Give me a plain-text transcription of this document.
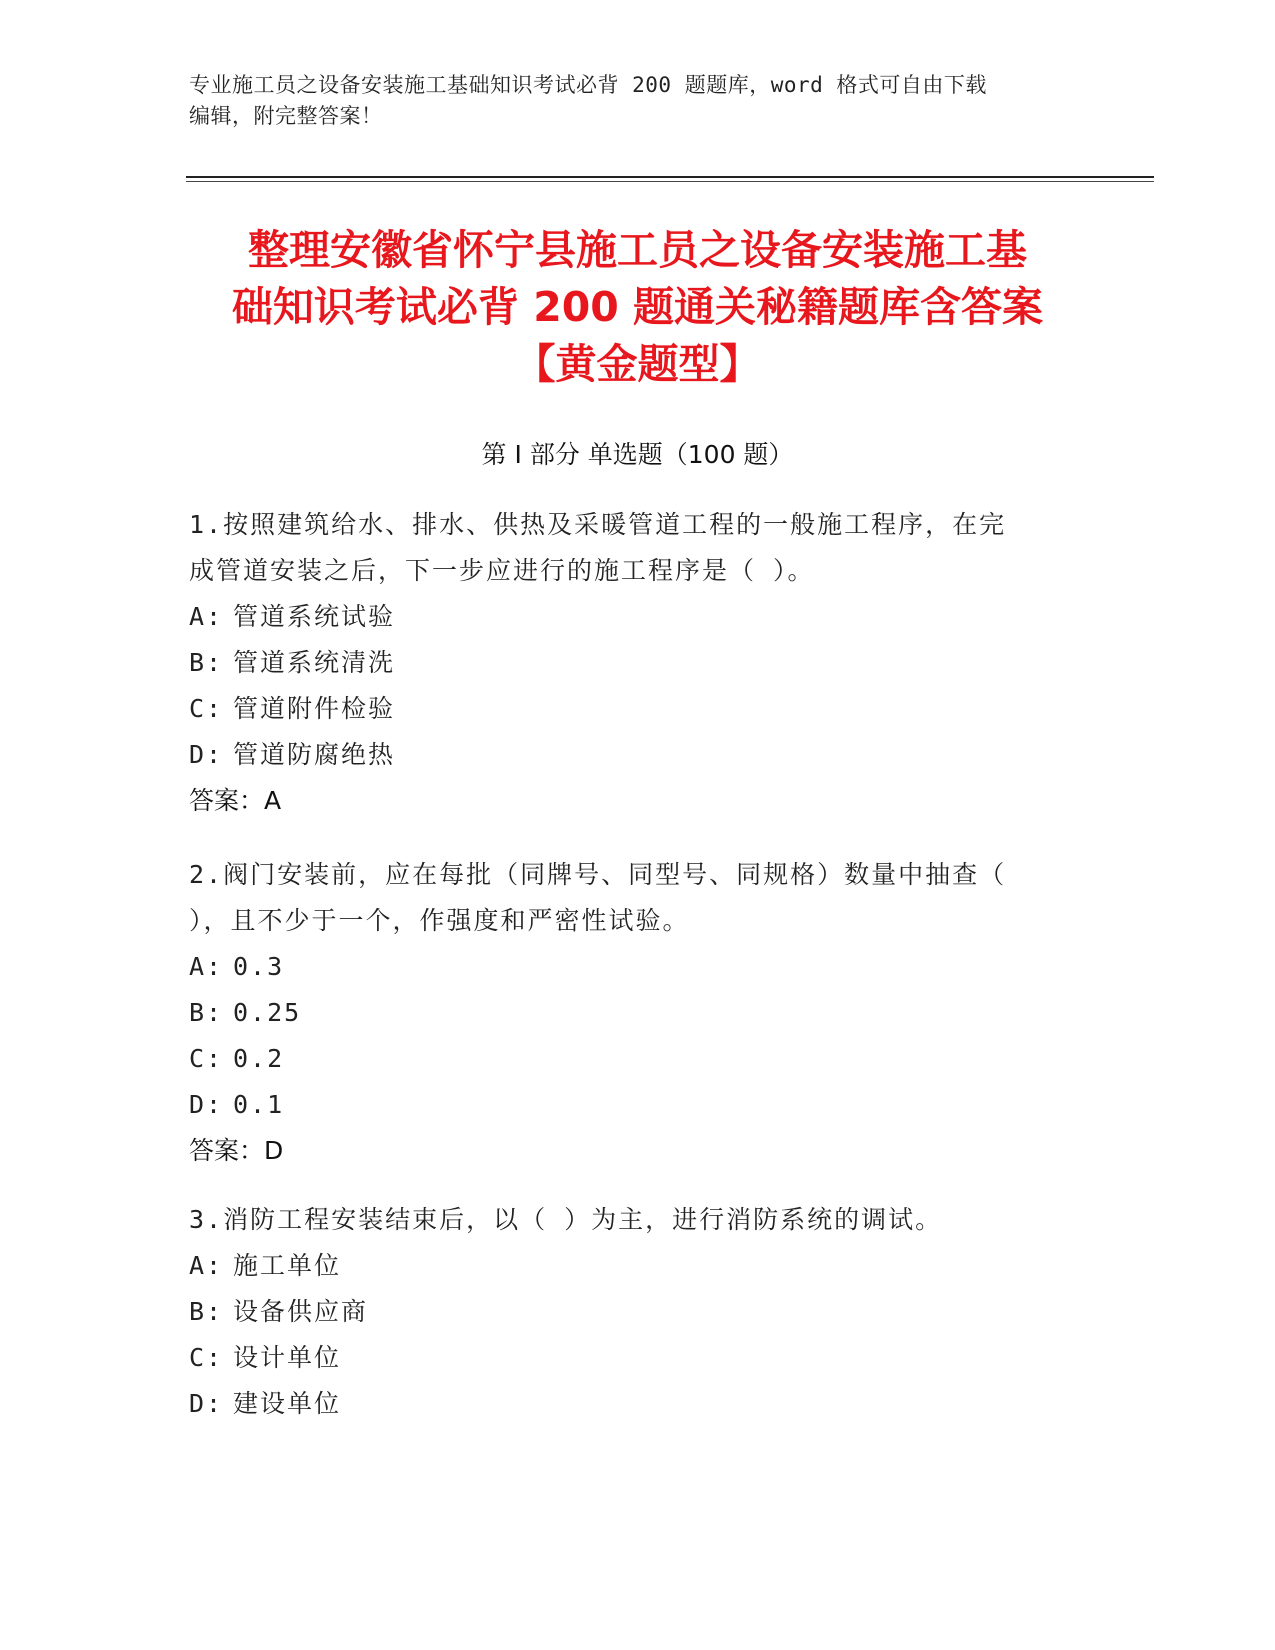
专业施工员之设备安装施工基础知识考试必背 200 题题库，word 格式可自由下载
编辑，附完整答案！
整理安徽省怀宁县施工员之设备安装施工基
础知识考试必背 200 题通关秘籍题库含答案
【黄金题型】
第 I 部分 单选题（100 题）
1.按照建筑给水、排水、供热及采暖管道工程的一般施工程序，在完
成管道安装之后，下一步应进行的施工程序是（ ）。
A: 管道系统试验
B: 管道系统清洗
C: 管道附件检验
D: 管道防腐绝热
答案：A
2.阀门安装前，应在每批（同牌号、同型号、同规格）数量中抽查（
），且不少于一个，作强度和严密性试验。
A: 0.3
B: 0.25
C: 0.2
D: 0.1
答案：D
3.消防工程安装结束后，以（ ）为主，进行消防系统的调试。
A: 施工单位
B: 设备供应商
C: 设计单位
D: 建设单位
